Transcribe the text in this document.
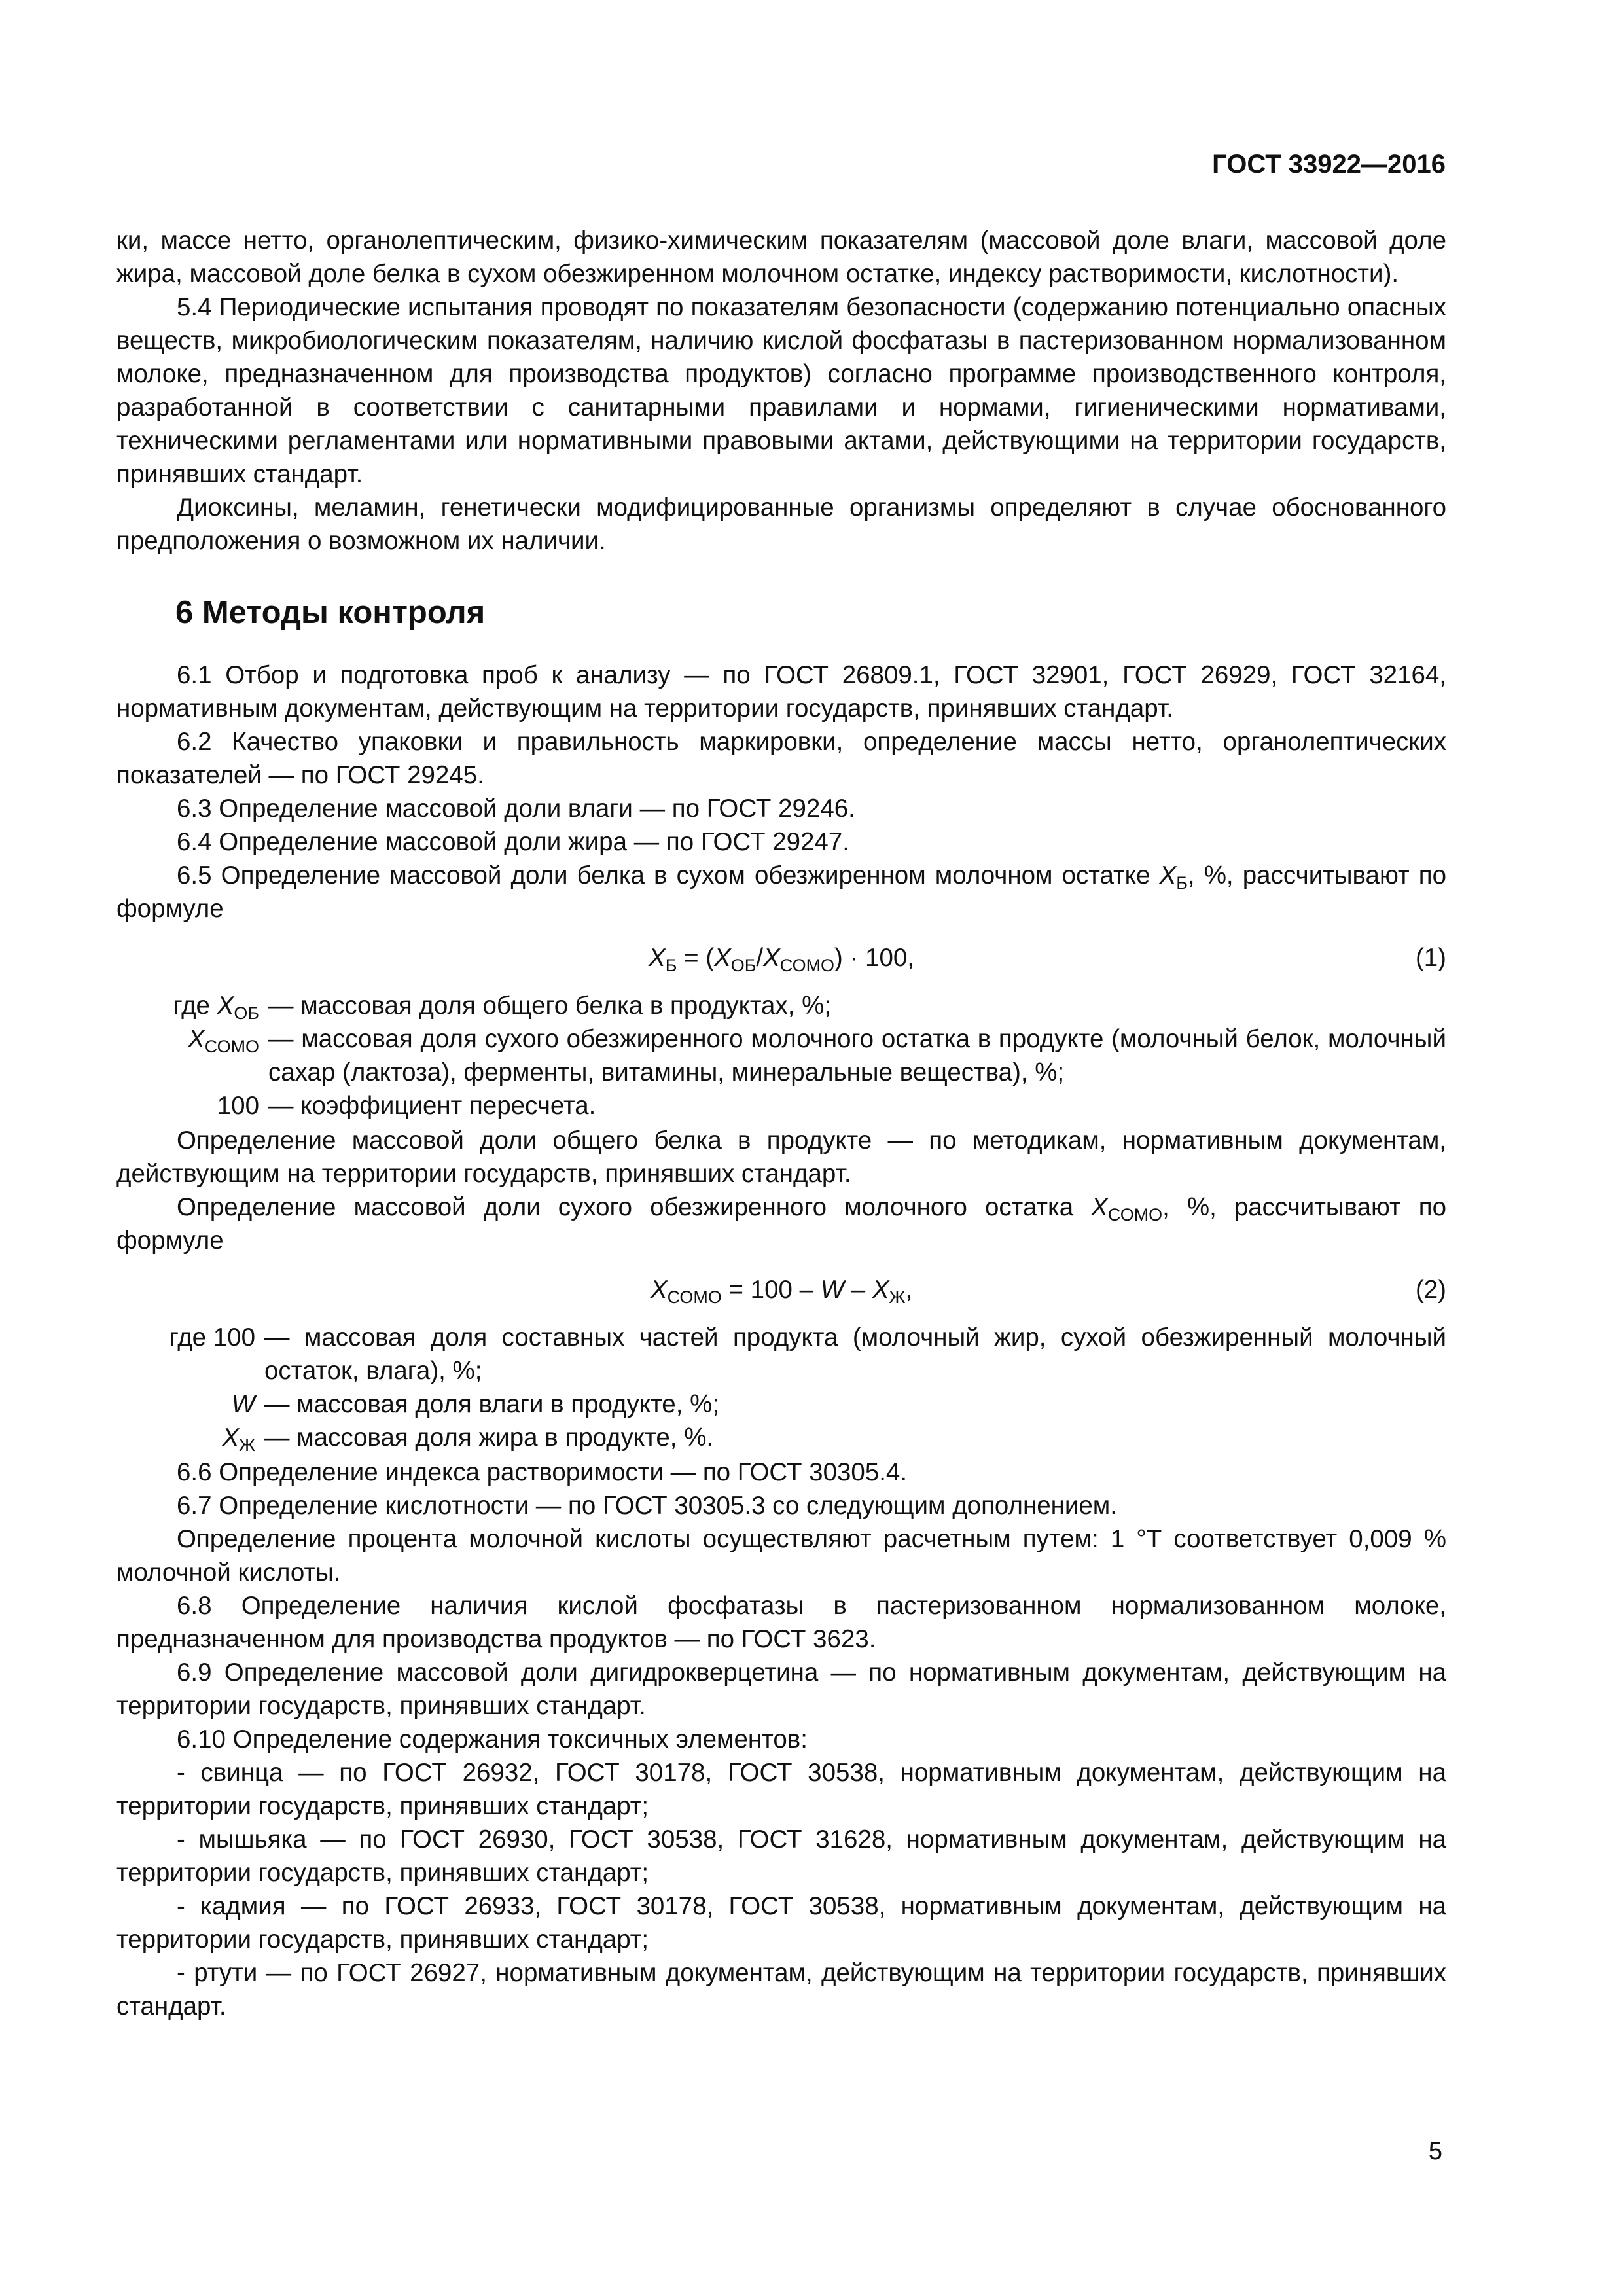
ГОСТ 33922—2016

ки, массе нетто, органолептическим, физико-химическим показателям (массовой доле влаги, массовой доле жира, массовой доле белка в сухом обезжиренном молочном остатке, индексу растворимости, кислотности).

5.4 Периодические испытания проводят по показателям безопасности (содержанию потенциально опасных веществ, микробиологическим показателям, наличию кислой фосфатазы в пастеризованном нормализованном молоке, предназначенном для производства продуктов) согласно программе производственного контроля, разработанной в соответствии с санитарными правилами и нормами, гигиеническими нормативами, техническими регламентами или нормативными правовыми актами, действующими на территории государств, принявших стандарт.

Диоксины, меламин, генетически модифицированные организмы определяют в случае обоснованного предположения о возможном их наличии.

6 Методы контроля

6.1 Отбор и подготовка проб к анализу — по ГОСТ 26809.1, ГОСТ 32901, ГОСТ 26929, ГОСТ 32164, нормативным документам, действующим на территории государств, принявших стандарт.

6.2 Качество упаковки и правильность маркировки, определение массы нетто, органолептических показателей — по ГОСТ 29245.

6.3 Определение массовой доли влаги — по ГОСТ 29246.

6.4 Определение массовой доли жира — по ГОСТ 29247.

6.5 Определение массовой доли белка в сухом обезжиренном молочном остатке $X_Б$, %, рассчитывают по формуле

$X_Б = (X_{ОБ}/X_{СОМО}) \cdot 100$,	(1)
где $X_{ОБ}$ — массовая доля общего белка в продуктах, %;
$X_{СОМО}$ — массовая доля сухого обезжиренного молочного остатка в продукте (молочный белок, молочный сахар (лактоза), ферменты, витамины, минеральные вещества), %;
100 — коэффициент пересчета.

Определение массовой доли общего белка в продукте — по методикам, нормативным документам, действующим на территории государств, принявших стандарт.

Определение массовой доли сухого обезжиренного молочного остатка $X_{СОМО}$, %, рассчитывают по формуле

$X_{СОМО} = 100 - W - X_Ж$,	(2)
где 100 — массовая доля составных частей продукта (молочный жир, сухой обезжиренный молочный остаток, влага), %;
W — массовая доля влаги в продукте, %;
$X_Ж$ — массовая доля жира в продукте, %.

6.6 Определение индекса растворимости — по ГОСТ 30305.4.

6.7 Определение кислотности — по ГОСТ 30305.3 со следующим дополнением.

Определение процента молочной кислоты осуществляют расчетным путем: 1 °Т соответствует 0,009 % молочной кислоты.

6.8 Определение наличия кислой фосфатазы в пастеризованном нормализованном молоке, предназначенном для производства продуктов — по ГОСТ 3623.

6.9 Определение массовой доли дигидрокверцетина — по нормативным документам, действующим на территории государств, принявших стандарт.

6.10 Определение содержания токсичных элементов:

- свинца — по ГОСТ 26932, ГОСТ 30178, ГОСТ 30538, нормативным документам, действующим на территории государств, принявших стандарт;

- мышьяка — по ГОСТ 26930, ГОСТ 30538, ГОСТ 31628, нормативным документам, действующим на территории государств, принявших стандарт;

- кадмия — по ГОСТ 26933, ГОСТ 30178, ГОСТ 30538, нормативным документам, действующим на территории государств, принявших стандарт;

- ртути — по ГОСТ 26927, нормативным документам, действующим на территории государств, принявших стандарт.

5
